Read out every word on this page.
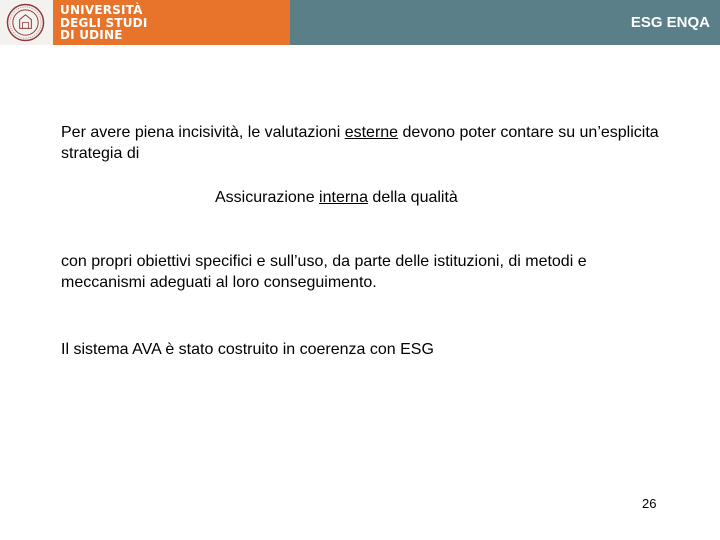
UNIVERSITÀ
DEGLI STUDI
DI UDINE
ESG ENQA
Per avere piena incisività, le valutazioni esterne devono poter contare su un’esplicita strategia di
Assicurazione interna della qualità
con propri obiettivi specifici e sull’uso, da parte delle istituzioni, di metodi e meccanismi adeguati al loro conseguimento.
Il sistema AVA è stato costruito in coerenza con ESG
26
